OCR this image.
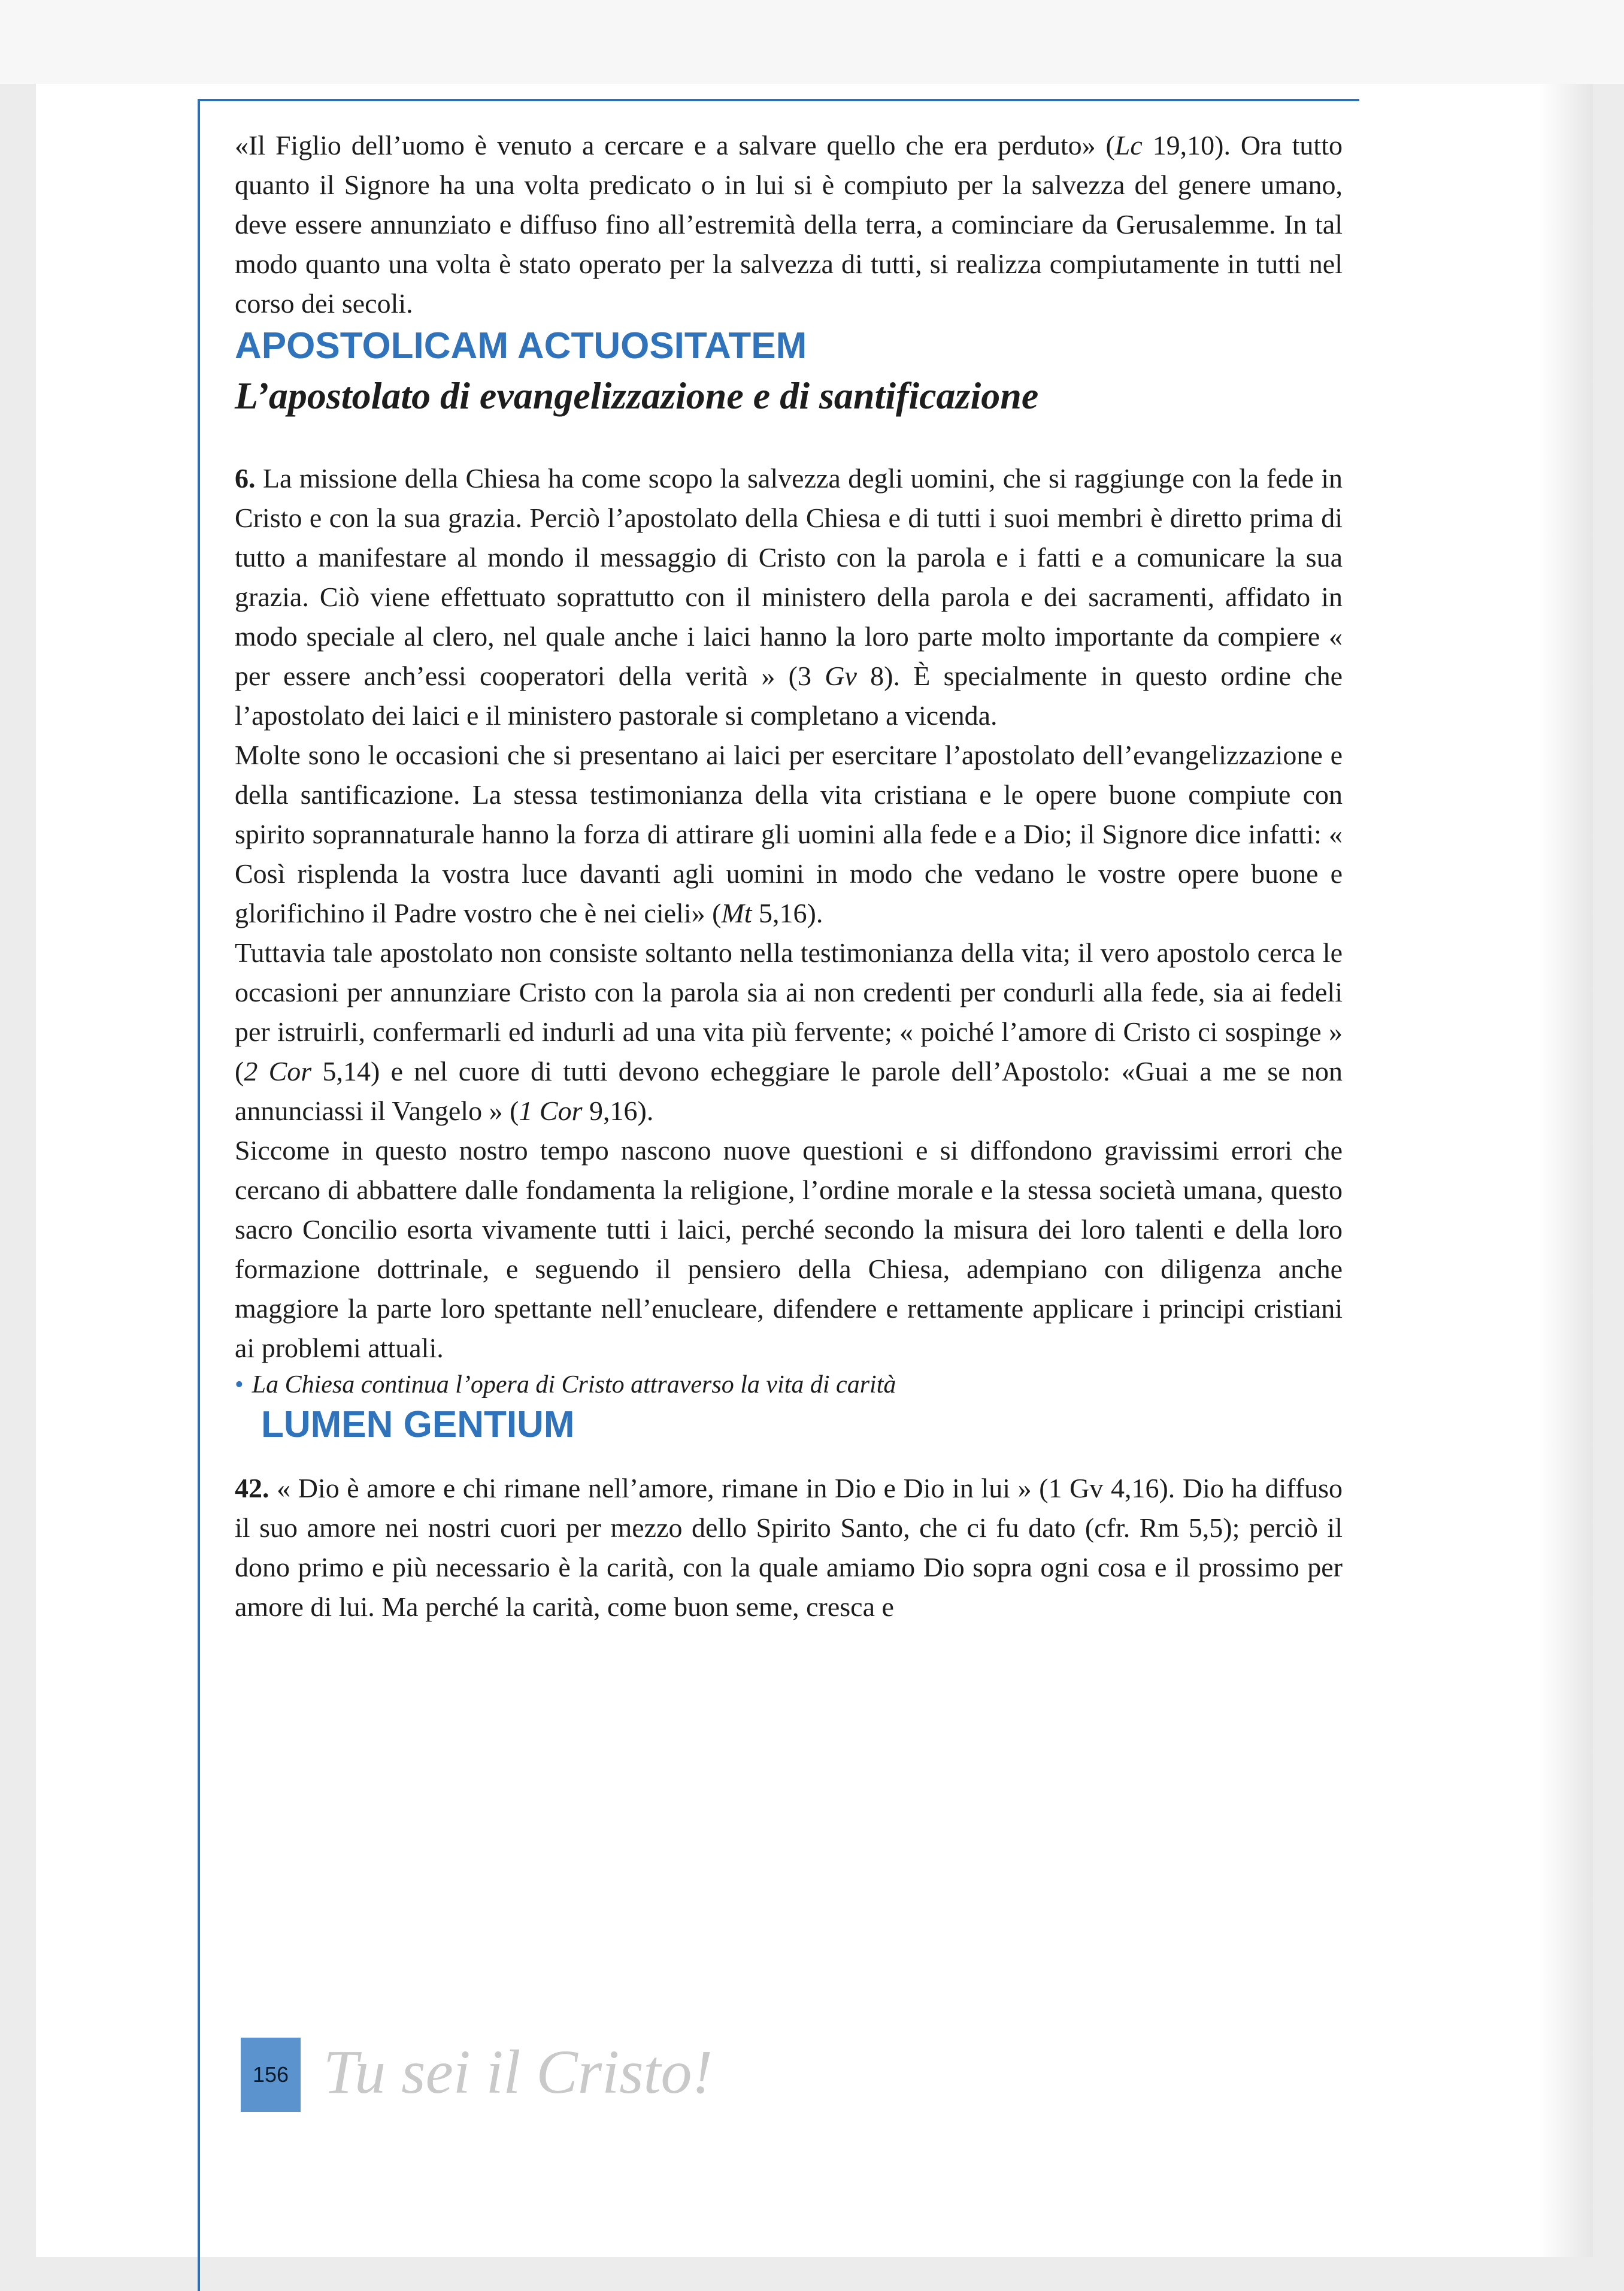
«Il Figlio dell’uomo è venuto a cercare e a salvare quello che era perduto» (Lc 19,10). Ora tutto quanto il Signore ha una volta predicato o in lui si è compiuto per la salvezza del genere umano, deve essere annunziato e diffuso fino all’estremità della terra, a cominciare da Gerusalemme. In tal modo quanto una volta è stato operato per la salvezza di tutti, si realizza compiutamente in tutti nel corso dei secoli.

APOSTOLICAM ACTUOSITATEM
L’apostolato di evangelizzazione e di santificazione

6. La missione della Chiesa ha come scopo la salvezza degli uomini, che si raggiunge con la fede in Cristo e con la sua grazia. Perciò l’apostolato della Chiesa e di tutti i suoi membri è diretto prima di tutto a manifestare al mondo il messaggio di Cristo con la parola e i fatti e a comunicare la sua grazia. Ciò viene effettuato soprattutto con il ministero della parola e dei sacramenti, affidato in modo speciale al clero, nel quale anche i laici hanno la loro parte molto importante da compiere « per essere anch’essi cooperatori della verità » (3 Gv 8). È specialmente in questo ordine che l’apostolato dei laici e il ministero pastorale si completano a vicenda.

Molte sono le occasioni che si presentano ai laici per esercitare l’apostolato dell’evangelizzazione e della santificazione. La stessa testimonianza della vita cristiana e le opere buone compiute con spirito soprannaturale hanno la forza di attirare gli uomini alla fede e a Dio; il Signore dice infatti: « Così risplenda la vostra luce davanti agli uomini in modo che vedano le vostre opere buone e glorifichino il Padre vostro che è nei cieli» (Mt 5,16).

Tuttavia tale apostolato non consiste soltanto nella testimonianza della vita; il vero apostolo cerca le occasioni per annunziare Cristo con la parola sia ai non credenti per condurli alla fede, sia ai fedeli per istruirli, confermarli ed indurli ad una vita più fervente; « poiché l’amore di Cristo ci sospinge » (2 Cor 5,14) e nel cuore di tutti devono echeggiare le parole dell’Apostolo: «Guai a me se non annunciassi il Vangelo » (1 Cor 9,16).

Siccome in questo nostro tempo nascono nuove questioni e si diffondono gravissimi errori che cercano di abbattere dalle fondamenta la religione, l’ordine morale e la stessa società umana, questo sacro Concilio esorta vivamente tutti i laici, perché secondo la misura dei loro talenti e della loro formazione dottrinale, e seguendo il pensiero della Chiesa, adempiano con diligenza anche maggiore la parte loro spettante nell’enucleare, difendere e rettamente applicare i principi cristiani ai problemi attuali.

• La Chiesa continua l’opera di Cristo attraverso la vita di carità

LUMEN GENTIUM

42. « Dio è amore e chi rimane nell’amore, rimane in Dio e Dio in lui » (1 Gv 4,16). Dio ha diffuso il suo amore nei nostri cuori per mezzo dello Spirito Santo, che ci fu dato (cfr. Rm 5,5); perciò il dono primo e più necessario è la carità, con la quale amiamo Dio sopra ogni cosa e il prossimo per amore di lui. Ma perché la carità, come buon seme, cresca e

156 Tu sei il Cristo!
